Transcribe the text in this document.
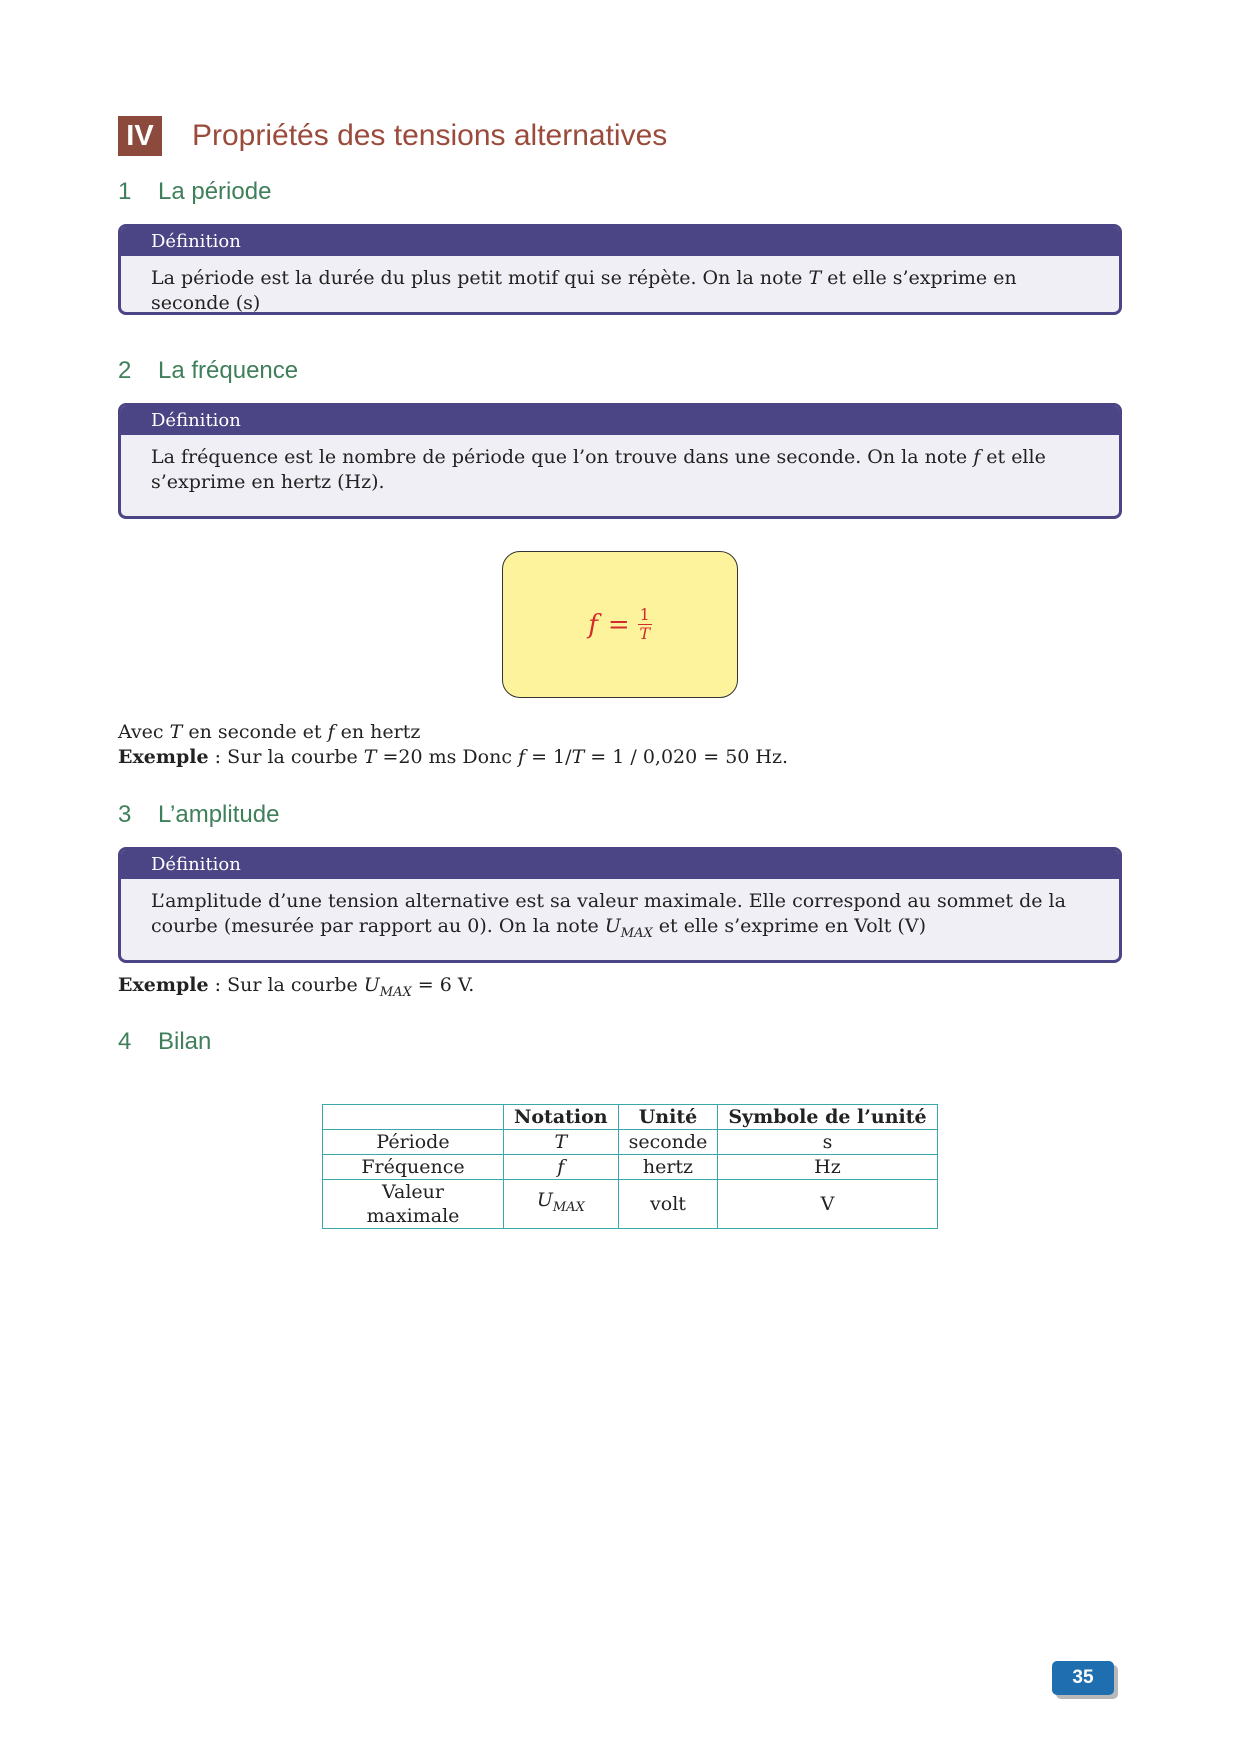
IV Propriétés des tensions alternatives
1	La période
Définition
La période est la durée du plus petit motif qui se répète. On la note T et elle s’exprime en seconde (s)
2	La fréquence
Définition
La fréquence est le nombre de période que l’on trouve dans une seconde. On la note f et elle s’exprime en hertz (Hz).
$f = \frac{1}{T}$
Avec T en seconde et f en hertz
Exemple : Sur la courbe T =20 ms Donc f = 1/T = 1 / 0,020 = 50 Hz.
3	L’amplitude
Définition
L’amplitude d’une tension alternative est sa valeur maximale. Elle correspond au sommet de la courbe (mesurée par rapport au 0). On la note $U_{MAX}$ et elle s’exprime en Volt (V)
Exemple : Sur la courbe $U_{MAX} = 6$ V.
4	Bilan
	Notation	Unité	Symbole de l’unité
Période	T	seconde	s
Fréquence	f	hertz	Hz
Valeur maximale	$U_{MAX}$	volt	V
35
